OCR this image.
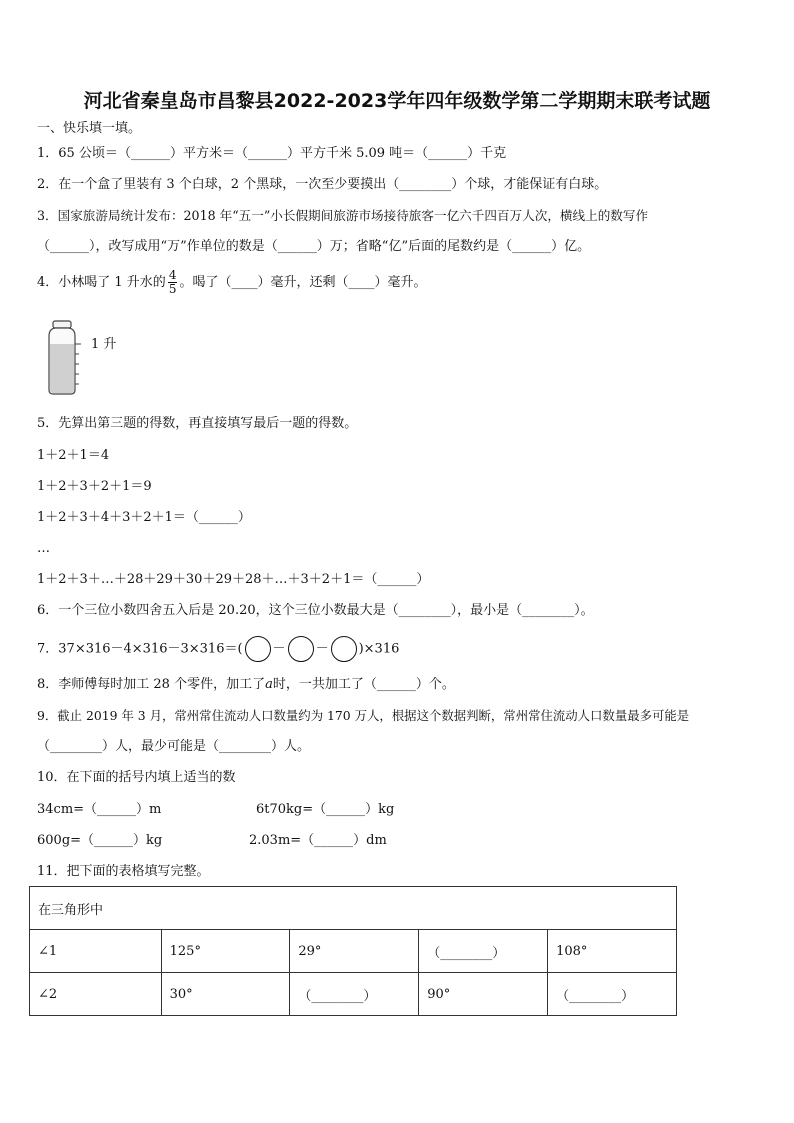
河北省秦皇岛市昌黎县2022-2023学年四年级数学第二学期期末联考试题
一、快乐填一填。
1．65 公顷＝（______）平方米＝（______）平方千米 5.09 吨＝（______）千克
2．在一个盒了里装有 3 个白球，2 个黑球，一次至少要摸出（________）个球，才能保证有白球。
3．国家旅游局统计发布：2018 年“五一”小长假期间旅游市场接待旅客一亿六千四百万人次，横线上的数写作
（______），改写成用“万”作单位的数是（______）万；省略“亿”后面的尾数约是（______）亿。
4．小林喝了 1 升水的 $\frac{4}{5}$ 。喝了（____）毫升，还剩（____）毫升。
1 升
5．先算出第三题的得数，再直接填写最后一题的得数。
1＋2＋1＝4
1＋2＋3＋2＋1＝9
1＋2＋3＋4＋3＋2＋1＝（______）
…
1＋2＋3＋…＋28＋29＋30＋29＋28＋…＋3＋2＋1＝（______）
6．一个三位小数四舍五入后是 20.20，这个三位小数最大是（________），最小是（________）。
7．37×316－4×316－3×316＝( － － )×316
8．李师傅每时加工 28 个零件，加工了a时，一共加工了（______）个。
9．截止 2019 年 3 月，常州常住流动人口数量约为 170 万人，根据这个数据判断，常州常住流动人口数量最多可能是
（________）人，最少可能是（________）人。
10．在下面的括号内填上适当的数
34cm=（______）m	6t70kg=（______）kg
600g=（______）kg	2.03m=（______）dm
11．把下面的表格填写完整。
在三角形中				
∠1	125°	29°	（________）	108°
∠2	30°	（________）	90°	（________）
